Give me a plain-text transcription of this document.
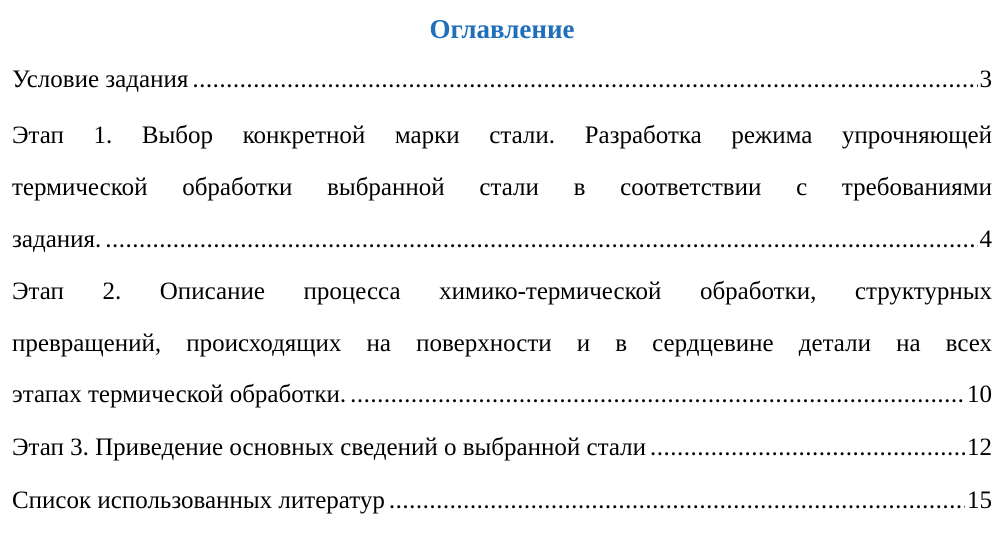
Оглавление
Условие задания .....	3
Этап 1. Выбор конкретной марки стали. Разработка режима упрочняющей
термической обработки выбранной стали в соответствии с требованиями
задания. .....	4
Этап 2. Описание процесса химико-термической обработки, структурных
превращений, происходящих на поверхности и в сердцевине детали на всех
этапах термической обработки. .....	10
Этап 3. Приведение основных сведений о выбранной стали .....	12
Список использованных литератур .....	15
